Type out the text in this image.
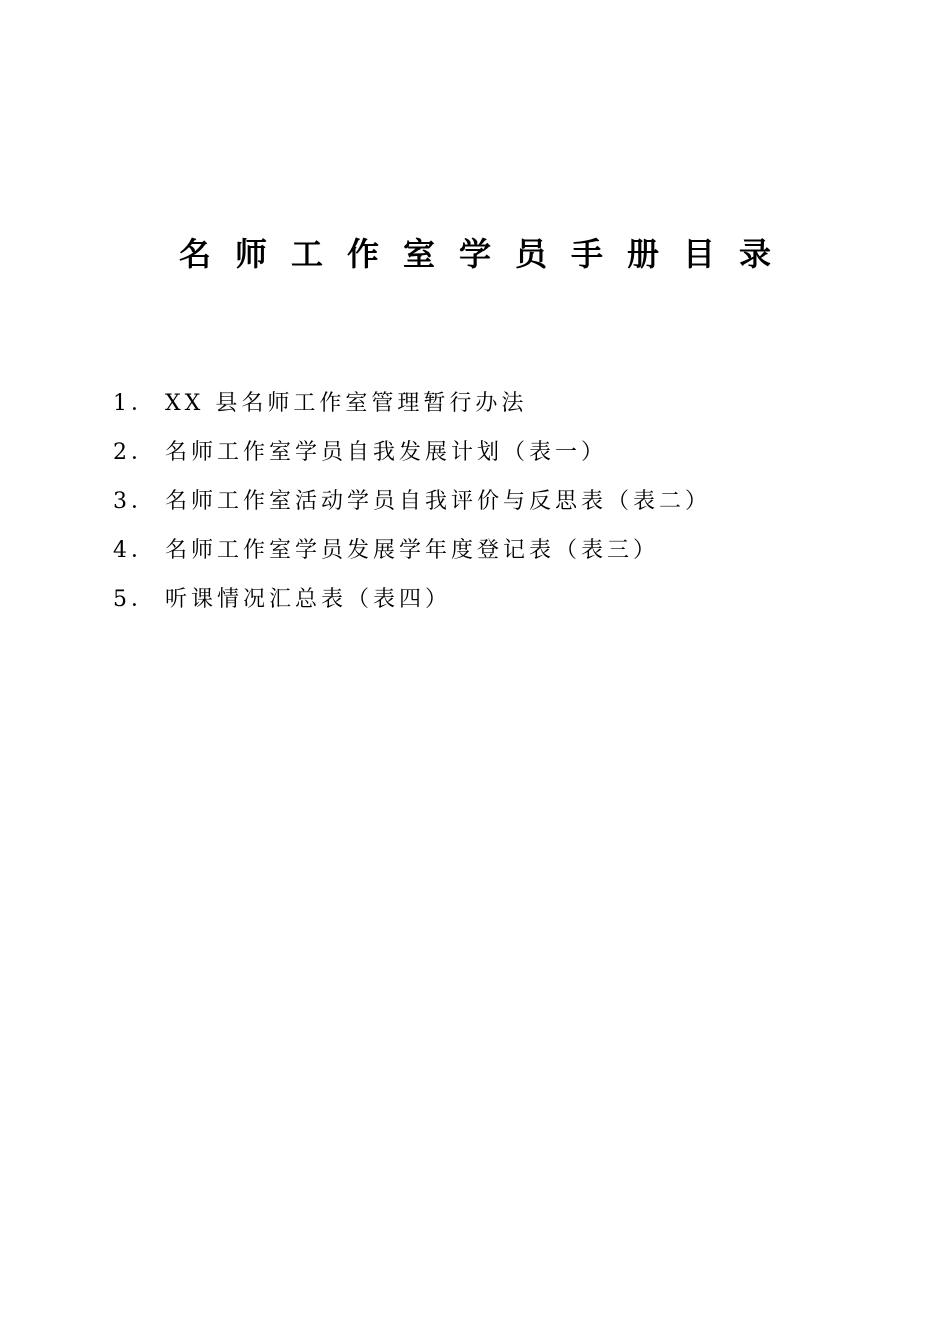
名师工作室学员手册目录
1． XX 县名师工作室管理暂行办法
2． 名师工作室学员自我发展计划（表一）
3． 名师工作室活动学员自我评价与反思表（表二）
4． 名师工作室学员发展学年度登记表（表三）
5． 听课情况汇总表（表四）
